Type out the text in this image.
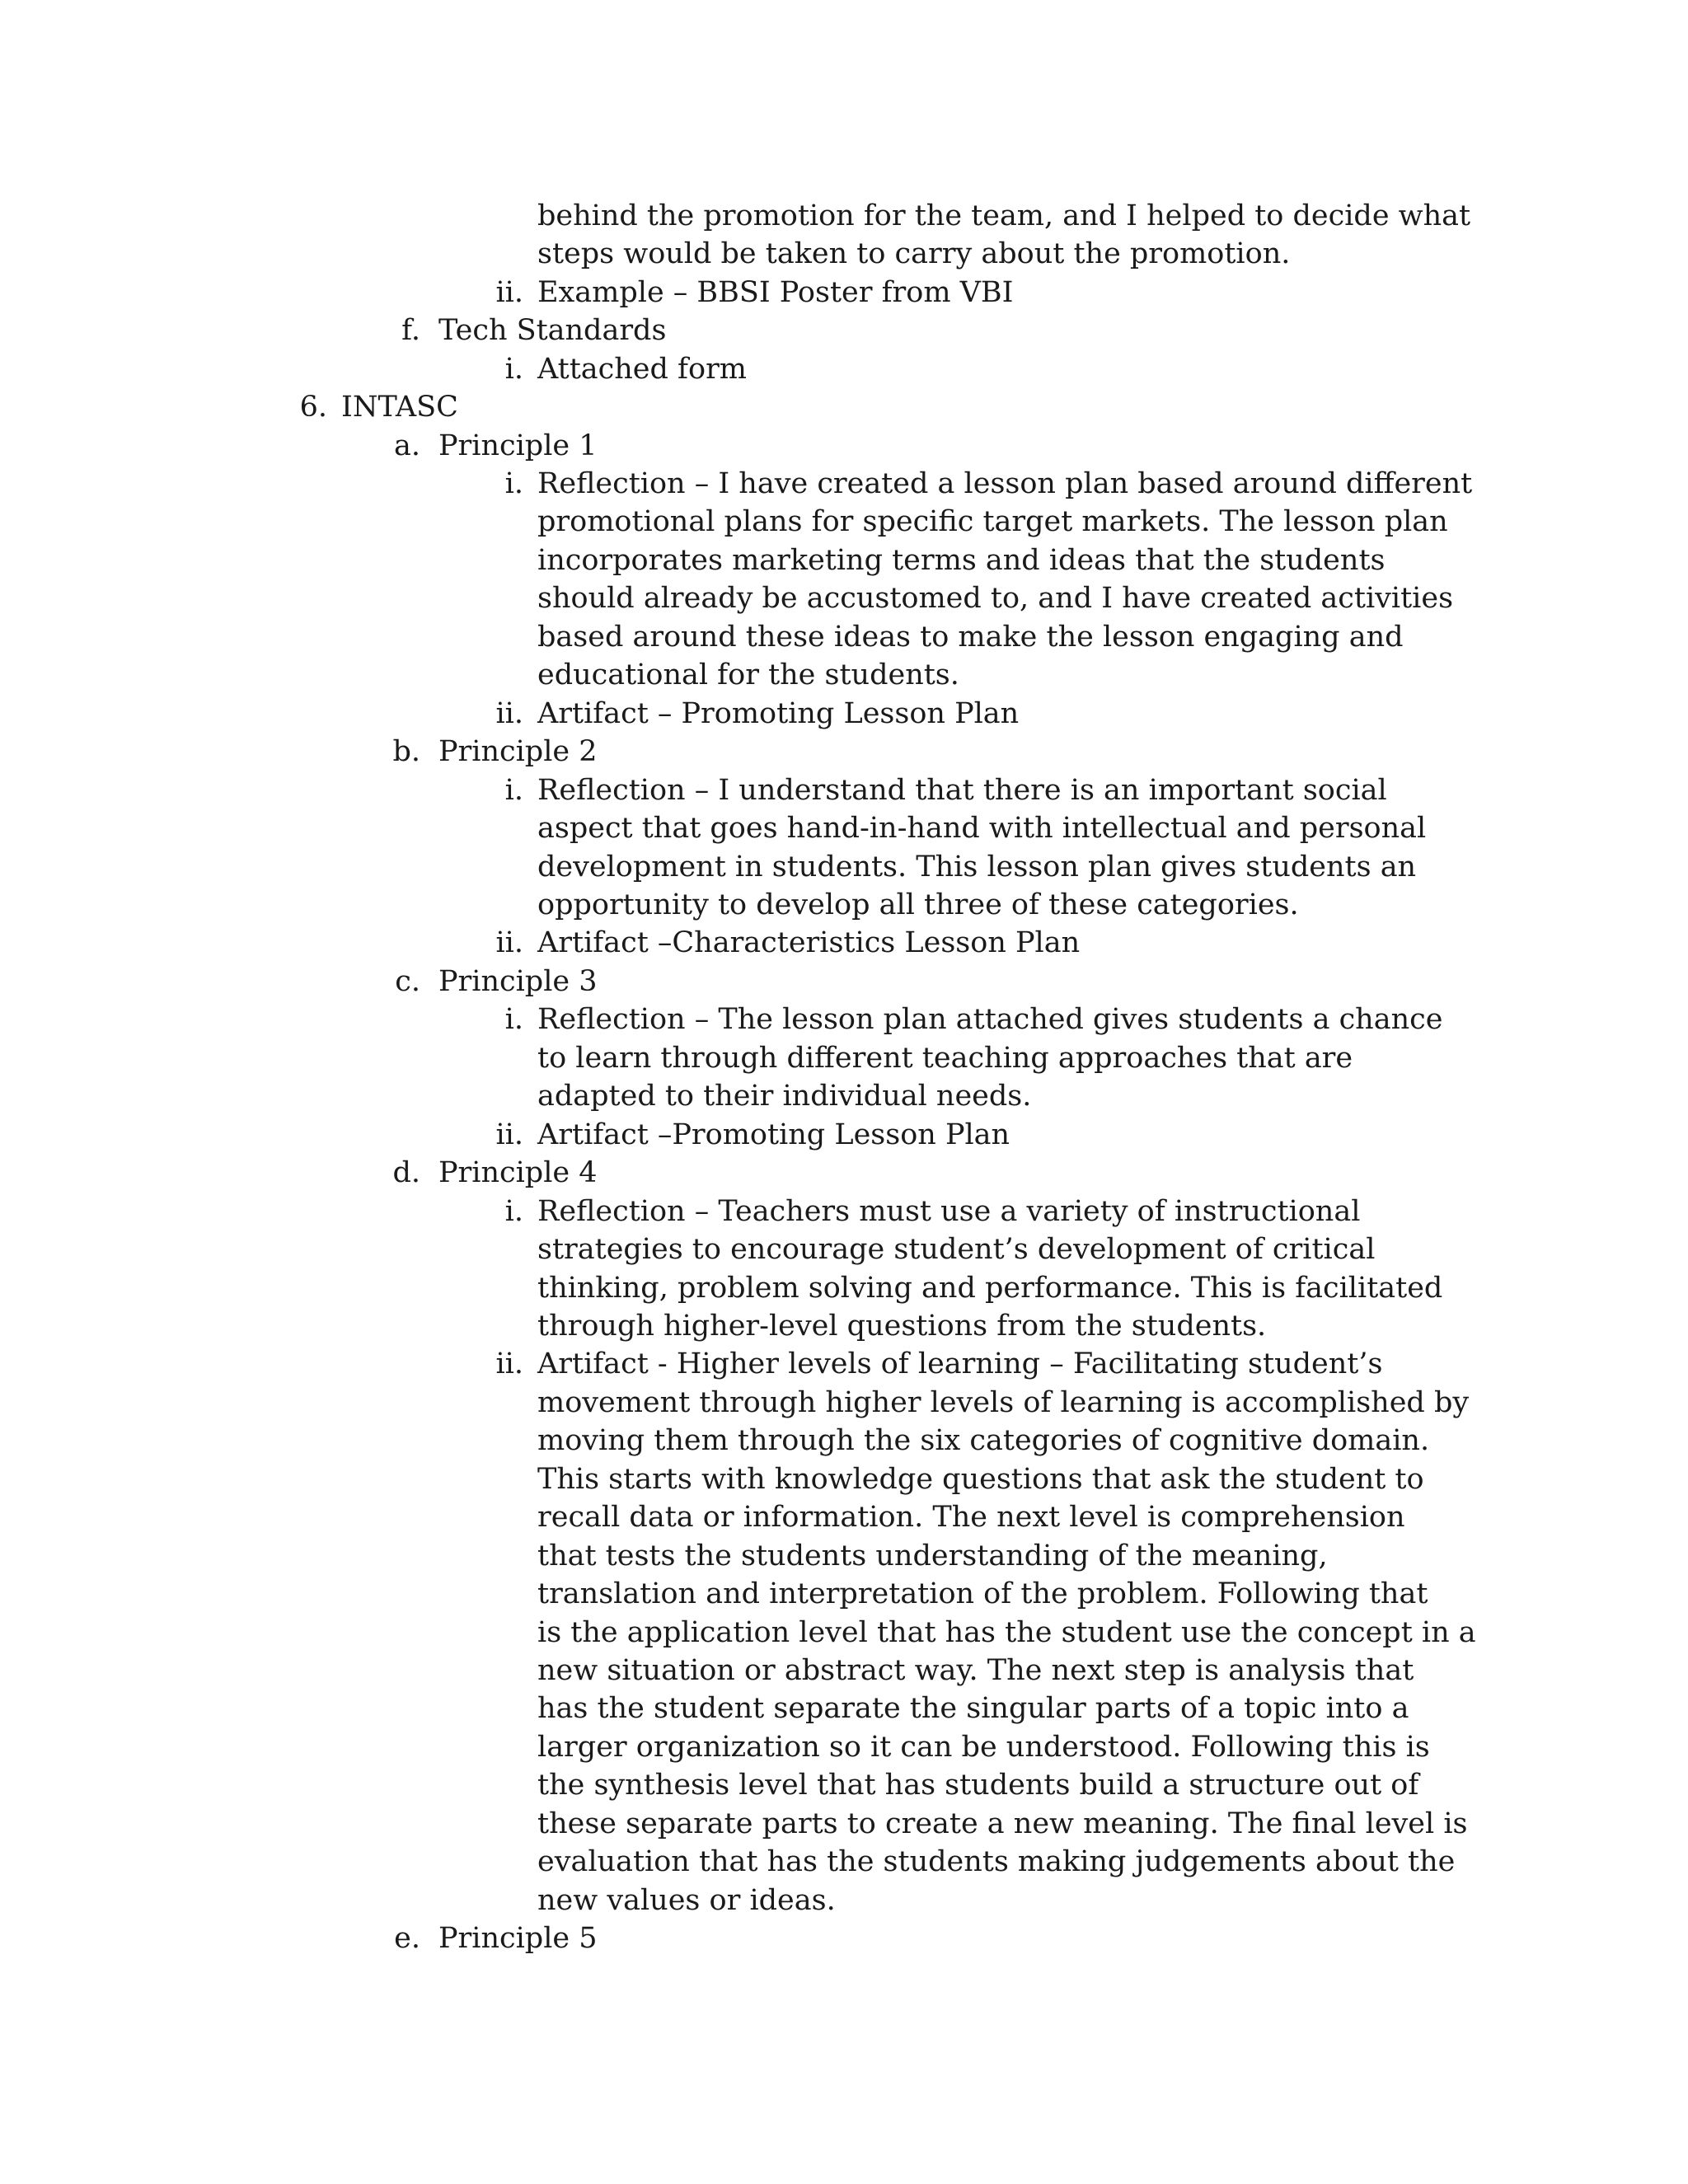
behind the promotion for the team, and I helped to decide what
steps would be taken to carry about the promotion.
ii. Example – BBSI Poster from VBI
f. Tech Standards
i. Attached form
6. INTASC
a. Principle 1
i. Reflection – I have created a lesson plan based around different
promotional plans for specific target markets. The lesson plan
incorporates marketing terms and ideas that the students
should already be accustomed to, and I have created activities
based around these ideas to make the lesson engaging and
educational for the students.
ii. Artifact – Promoting Lesson Plan
b. Principle 2
i. Reflection – I understand that there is an important social
aspect that goes hand-in-hand with intellectual and personal
development in students. This lesson plan gives students an
opportunity to develop all three of these categories.
ii. Artifact –Characteristics Lesson Plan
c. Principle 3
i. Reflection – The lesson plan attached gives students a chance
to learn through different teaching approaches that are
adapted to their individual needs.
ii. Artifact –Promoting Lesson Plan
d. Principle 4
i. Reflection – Teachers must use a variety of instructional
strategies to encourage student’s development of critical
thinking, problem solving and performance. This is facilitated
through higher-level questions from the students.
ii. Artifact - Higher levels of learning – Facilitating student’s
movement through higher levels of learning is accomplished by
moving them through the six categories of cognitive domain.
This starts with knowledge questions that ask the student to
recall data or information. The next level is comprehension
that tests the students understanding of the meaning,
translation and interpretation of the problem. Following that
is the application level that has the student use the concept in a
new situation or abstract way. The next step is analysis that
has the student separate the singular parts of a topic into a
larger organization so it can be understood. Following this is
the synthesis level that has students build a structure out of
these separate parts to create a new meaning. The final level is
evaluation that has the students making judgements about the
new values or ideas.
e. Principle 5
